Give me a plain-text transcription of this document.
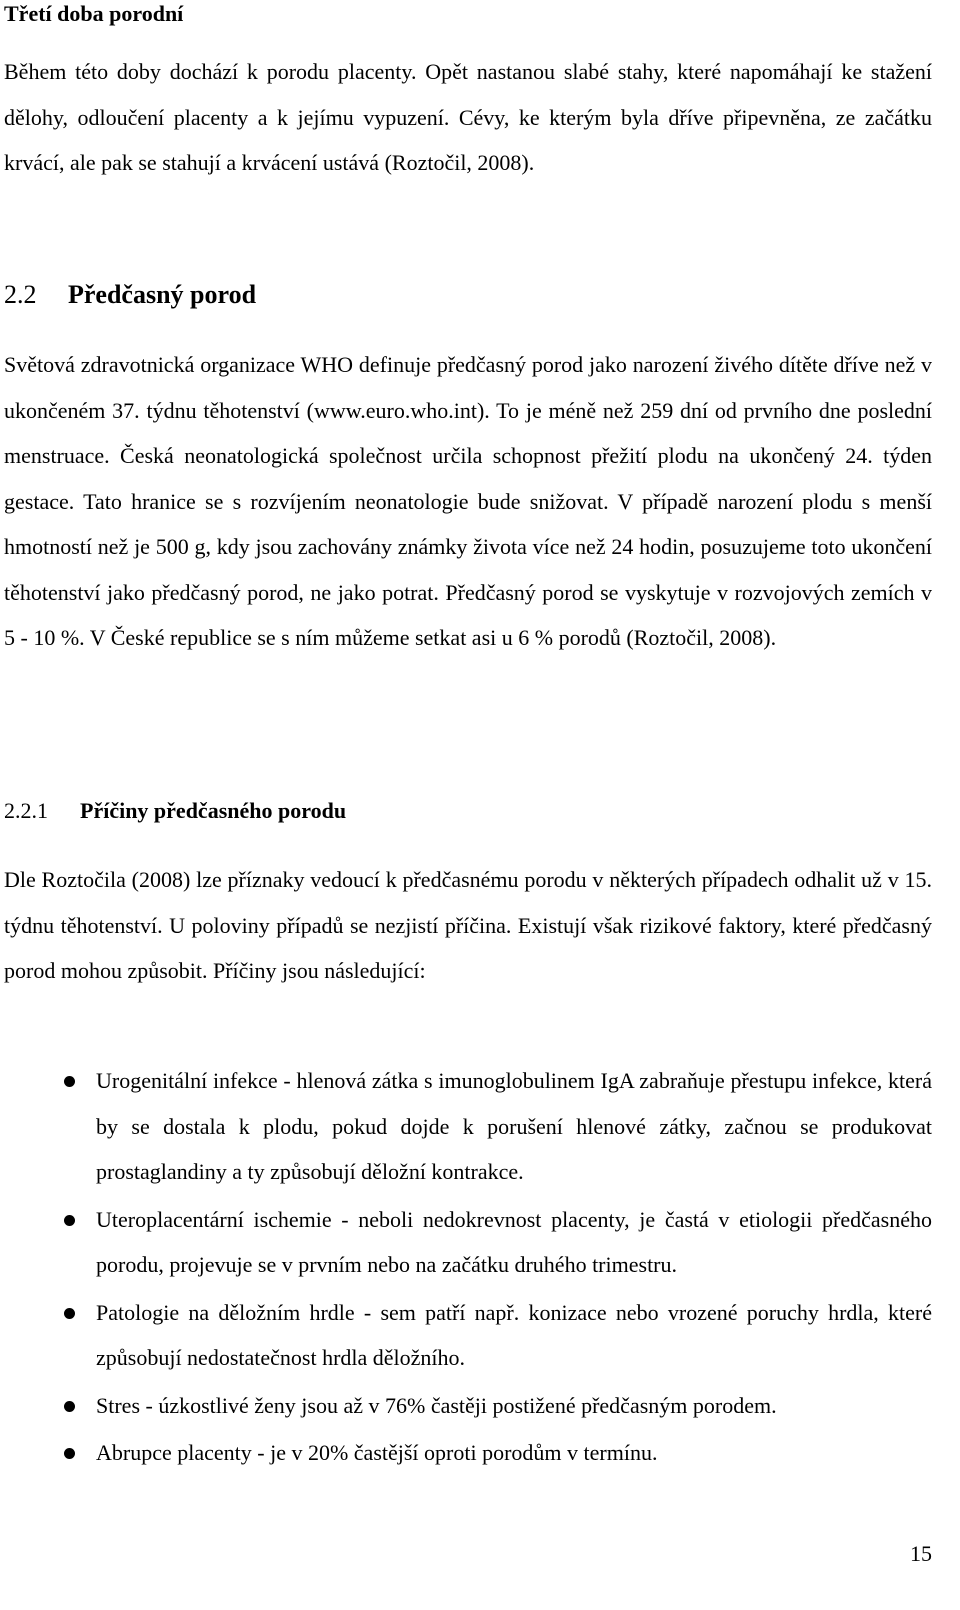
Třetí doba porodní

Během této doby dochází k porodu placenty. Opět nastanou slabé stahy, které napomáhají ke stažení dělohy, odloučení placenty a k jejímu vypuzení. Cévy, ke kterým byla dříve připevněna, ze začátku krvácí, ale pak se stahují a krvácení ustává (Roztočil, 2008).

2.2 Předčasný porod

Světová zdravotnická organizace WHO definuje předčasný porod jako narození živého dítěte dříve než v ukončeném 37. týdnu těhotenství (www.euro.who.int). To je méně než 259 dní od prvního dne poslední menstruace. Česká neonatologická společnost určila schopnost přežití plodu na ukončený 24. týden gestace. Tato hranice se s rozvíjením neonatologie bude snižovat. V případě narození plodu s menší hmotností než je 500 g, kdy jsou zachovány známky života více než 24 hodin, posuzujeme toto ukončení těhotenství jako předčasný porod, ne jako potrat. Předčasný porod se vyskytuje v rozvojových zemích v 5 - 10 %. V České republice se s ním můžeme setkat asi u 6 % porodů (Roztočil, 2008).

2.2.1 Příčiny předčasného porodu

Dle Roztočila (2008) lze příznaky vedoucí k předčasnému porodu v některých případech odhalit už v 15. týdnu těhotenství. U poloviny případů se nezjistí příčina. Existují však rizikové faktory, které předčasný porod mohou způsobit. Příčiny jsou následující:

Urogenitální infekce - hlenová zátka s imunoglobulinem IgA zabraňuje přestupu infekce, která by se dostala k plodu, pokud dojde k porušení hlenové zátky, začnou se produkovat prostaglandiny a ty způsobují děložní kontrakce.
Uteroplacentární ischemie - neboli nedokrevnost placenty, je častá v etiologii předčasného porodu, projevuje se v prvním nebo na začátku druhého trimestru.
Patologie na děložním hrdle - sem patří např. konizace nebo vrozené poruchy hrdla, které způsobují nedostatečnost hrdla děložního.
Stres - úzkostlivé ženy jsou až v 76% častěji postižené předčasným porodem.
Abrupce placenty - je v 20% častější oproti porodům v termínu.
15
